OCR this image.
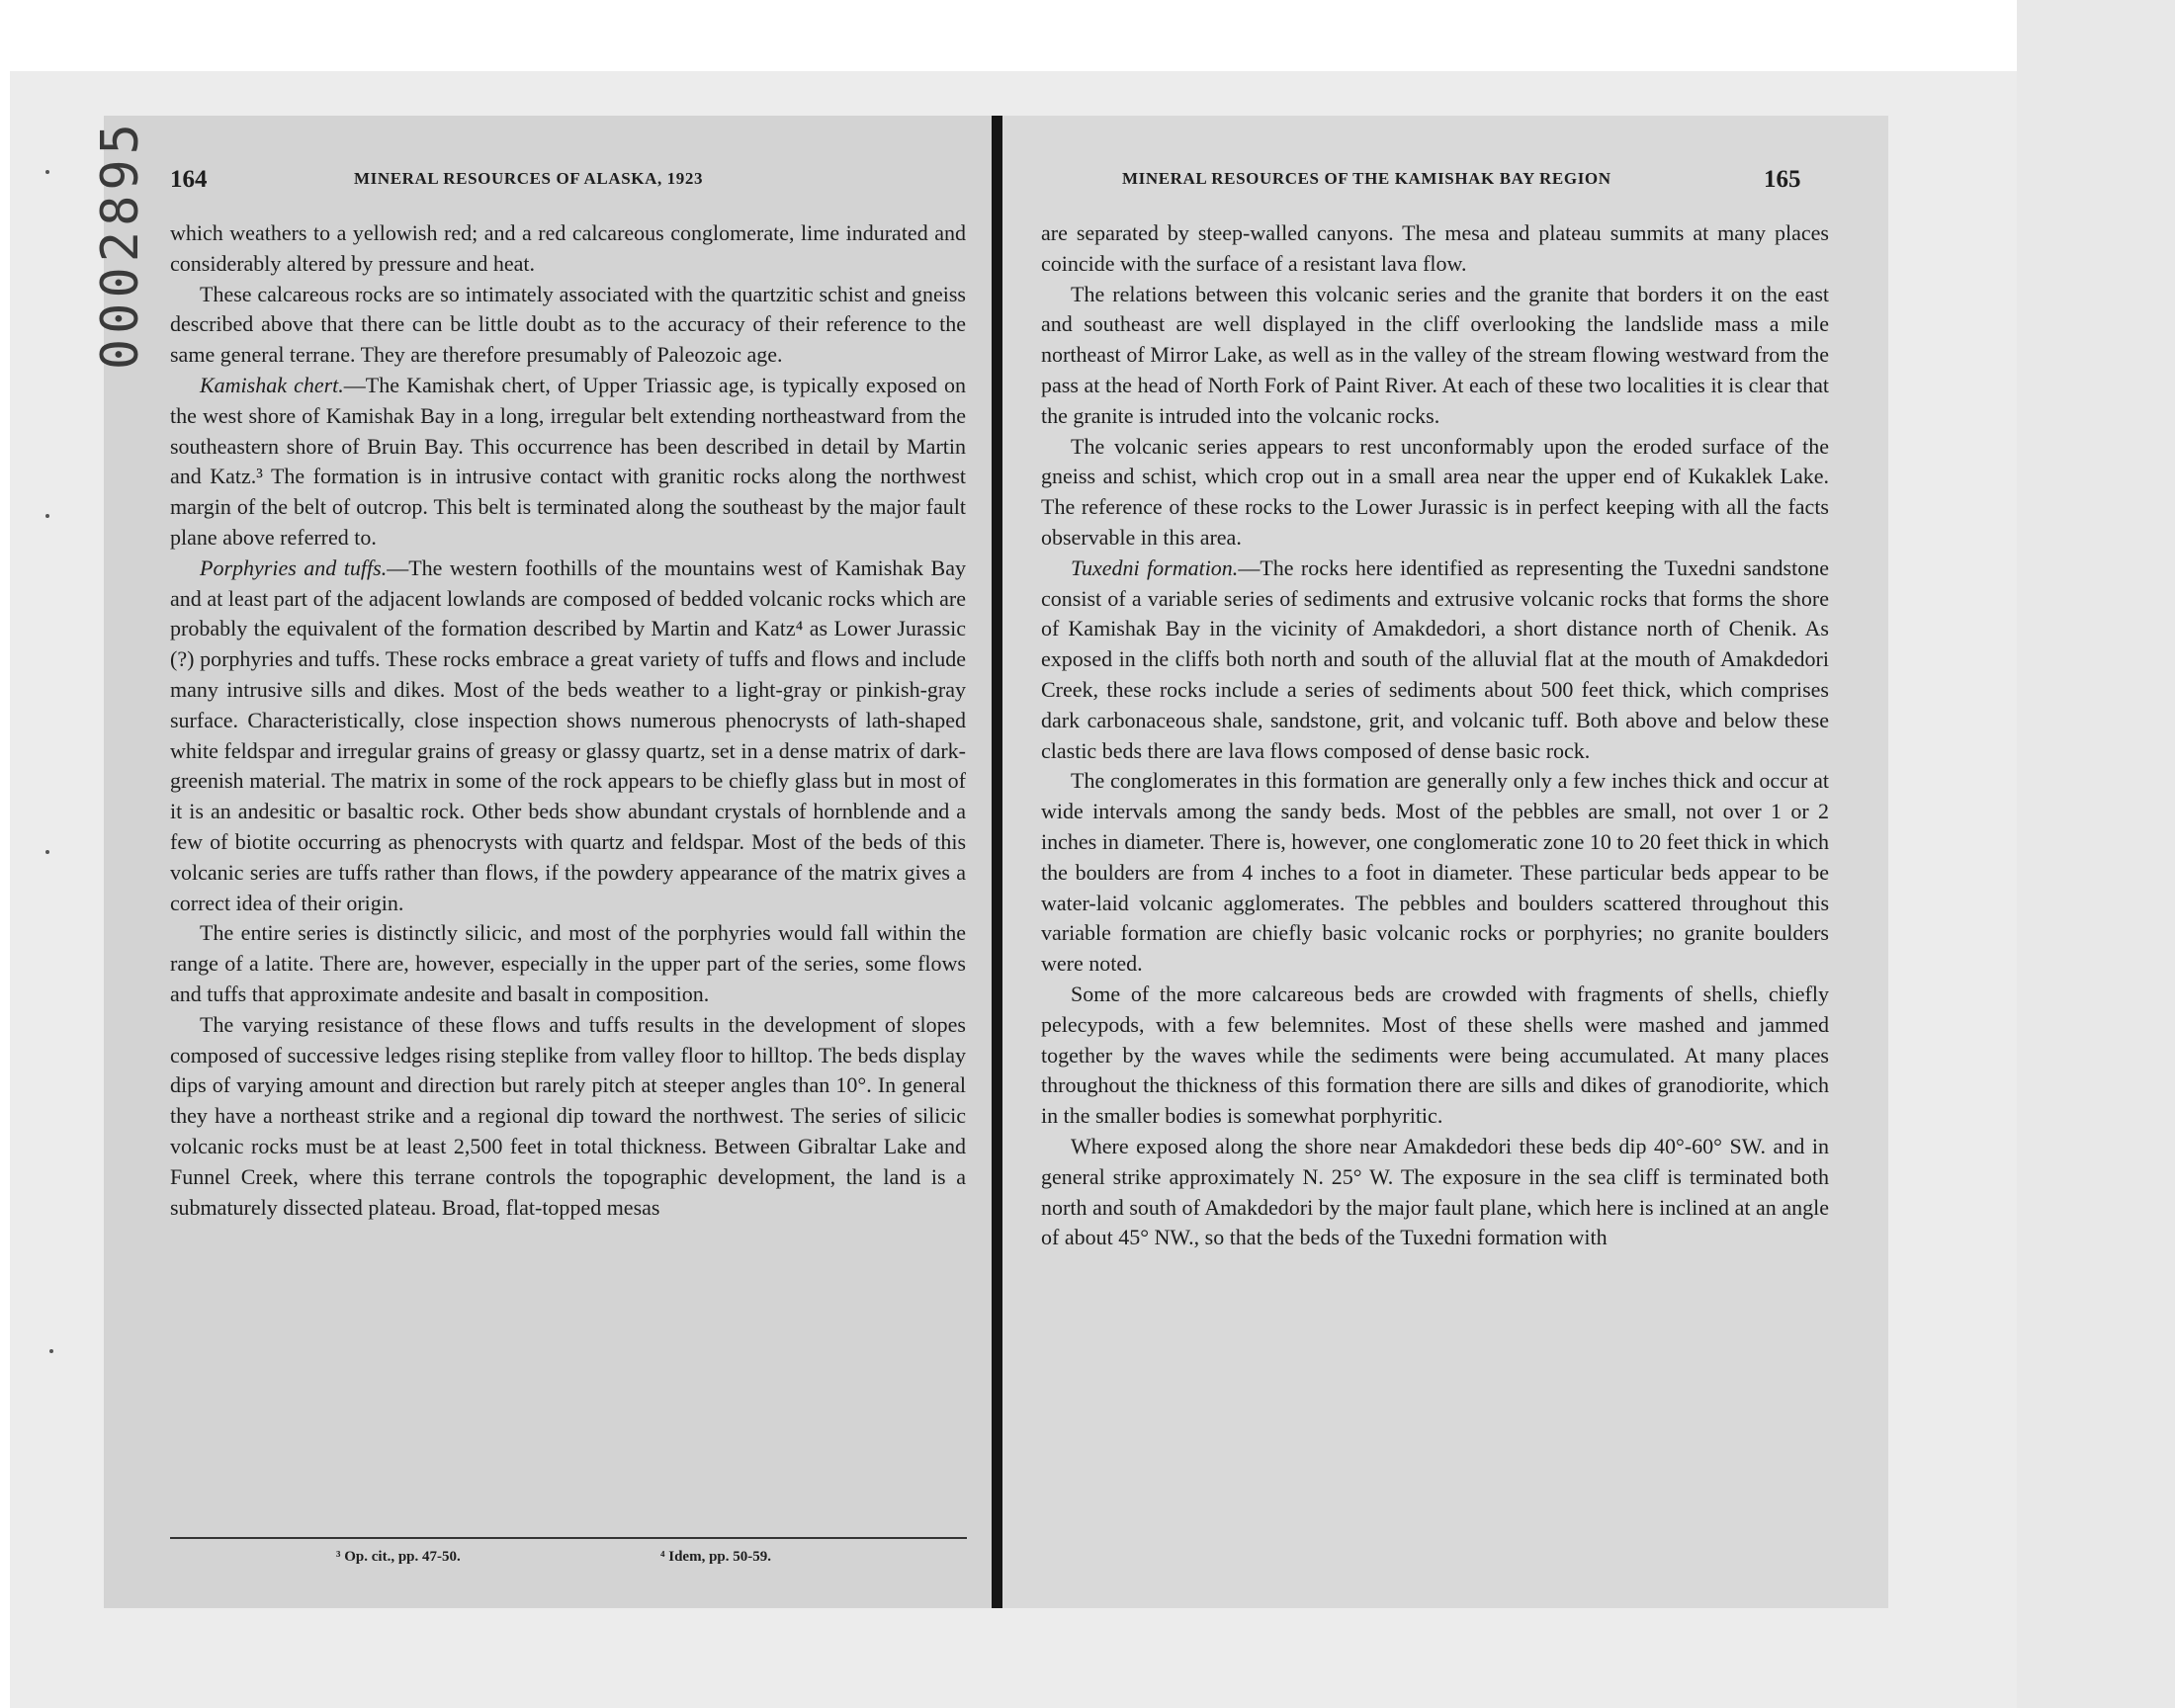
0002895 164	MINERAL RESOURCES OF ALASKA, 1923	MINERAL RESOURCES OF THE KAMISHAK BAY REGION	165

which weathers to a yellowish red; and a red calcareous conglomerate, lime indurated and considerably altered by pressure and heat.

These calcareous rocks are so intimately associated with the quartzitic schist and gneiss described above that there can be little doubt as to the accuracy of their reference to the same general terrane. They are therefore presumably of Paleozoic age.

Kamishak chert.—The Kamishak chert, of Upper Triassic age, is typically exposed on the west shore of Kamishak Bay in a long, irregular belt extending northeastward from the southeastern shore of Bruin Bay. This occurrence has been described in detail by Martin and Katz.³ The formation is in intrusive contact with granitic rocks along the northwest margin of the belt of outcrop. This belt is terminated along the southeast by the major fault plane above referred to.

Porphyries and tuffs.—The western foothills of the mountains west of Kamishak Bay and at least part of the adjacent lowlands are composed of bedded volcanic rocks which are probably the equivalent of the formation described by Martin and Katz⁴ as Lower Jurassic (?) porphyries and tuffs. These rocks embrace a great variety of tuffs and flows and include many intrusive sills and dikes. Most of the beds weather to a light-gray or pinkish-gray surface. Characteristically, close inspection shows numerous phenocrysts of lath-shaped white feldspar and irregular grains of greasy or glassy quartz, set in a dense matrix of dark-greenish material. The matrix in some of the rock appears to be chiefly glass but in most of it is an andesitic or basaltic rock. Other beds show abundant crystals of hornblende and a few of biotite occurring as phenocrysts with quartz and feldspar. Most of the beds of this volcanic series are tuffs rather than flows, if the powdery appearance of the matrix gives a correct idea of their origin.

The entire series is distinctly silicic, and most of the porphyries would fall within the range of a latite. There are, however, especially in the upper part of the series, some flows and tuffs that approximate andesite and basalt in composition.

The varying resistance of these flows and tuffs results in the development of slopes composed of successive ledges rising steplike from valley floor to hilltop. The beds display dips of varying amount and direction but rarely pitch at steeper angles than 10°. In general they have a northeast strike and a regional dip toward the northwest. The series of silicic volcanic rocks must be at least 2,500 feet in total thickness. Between Gibraltar Lake and Funnel Creek, where this terrane controls the topographic development, the land is a submaturely dissected plateau. Broad, flat-topped mesas

are separated by steep-walled canyons. The mesa and plateau summits at many places coincide with the surface of a resistant lava flow.

The relations between this volcanic series and the granite that borders it on the east and southeast are well displayed in the cliff overlooking the landslide mass a mile northeast of Mirror Lake, as well as in the valley of the stream flowing westward from the pass at the head of North Fork of Paint River. At each of these two localities it is clear that the granite is intruded into the volcanic rocks.

The volcanic series appears to rest unconformably upon the eroded surface of the gneiss and schist, which crop out in a small area near the upper end of Kukaklek Lake. The reference of these rocks to the Lower Jurassic is in perfect keeping with all the facts observable in this area.

Tuxedni formation.—The rocks here identified as representing the Tuxedni sandstone consist of a variable series of sediments and extrusive volcanic rocks that forms the shore of Kamishak Bay in the vicinity of Amakdedori, a short distance north of Chenik. As exposed in the cliffs both north and south of the alluvial flat at the mouth of Amakdedori Creek, these rocks include a series of sediments about 500 feet thick, which comprises dark carbonaceous shale, sandstone, grit, and volcanic tuff. Both above and below these clastic beds there are lava flows composed of dense basic rock.

The conglomerates in this formation are generally only a few inches thick and occur at wide intervals among the sandy beds. Most of the pebbles are small, not over 1 or 2 inches in diameter. There is, however, one conglomeratic zone 10 to 20 feet thick in which the boulders are from 4 inches to a foot in diameter. These particular beds appear to be water-laid volcanic agglomerates. The pebbles and boulders scattered throughout this variable formation are chiefly basic volcanic rocks or porphyries; no granite boulders were noted.

Some of the more calcareous beds are crowded with fragments of shells, chiefly pelecypods, with a few belemnites. Most of these shells were mashed and jammed together by the waves while the sediments were being accumulated. At many places throughout the thickness of this formation there are sills and dikes of granodiorite, which in the smaller bodies is somewhat porphyritic.

Where exposed along the shore near Amakdedori these beds dip 40°-60° SW. and in general strike approximately N. 25° W. The exposure in the sea cliff is terminated both north and south of Amakdedori by the major fault plane, which here is inclined at an angle of about 45° NW., so that the beds of the Tuxedni formation with

³ Op. cit., pp. 47-50.	⁴ Idem, pp. 50-59.
